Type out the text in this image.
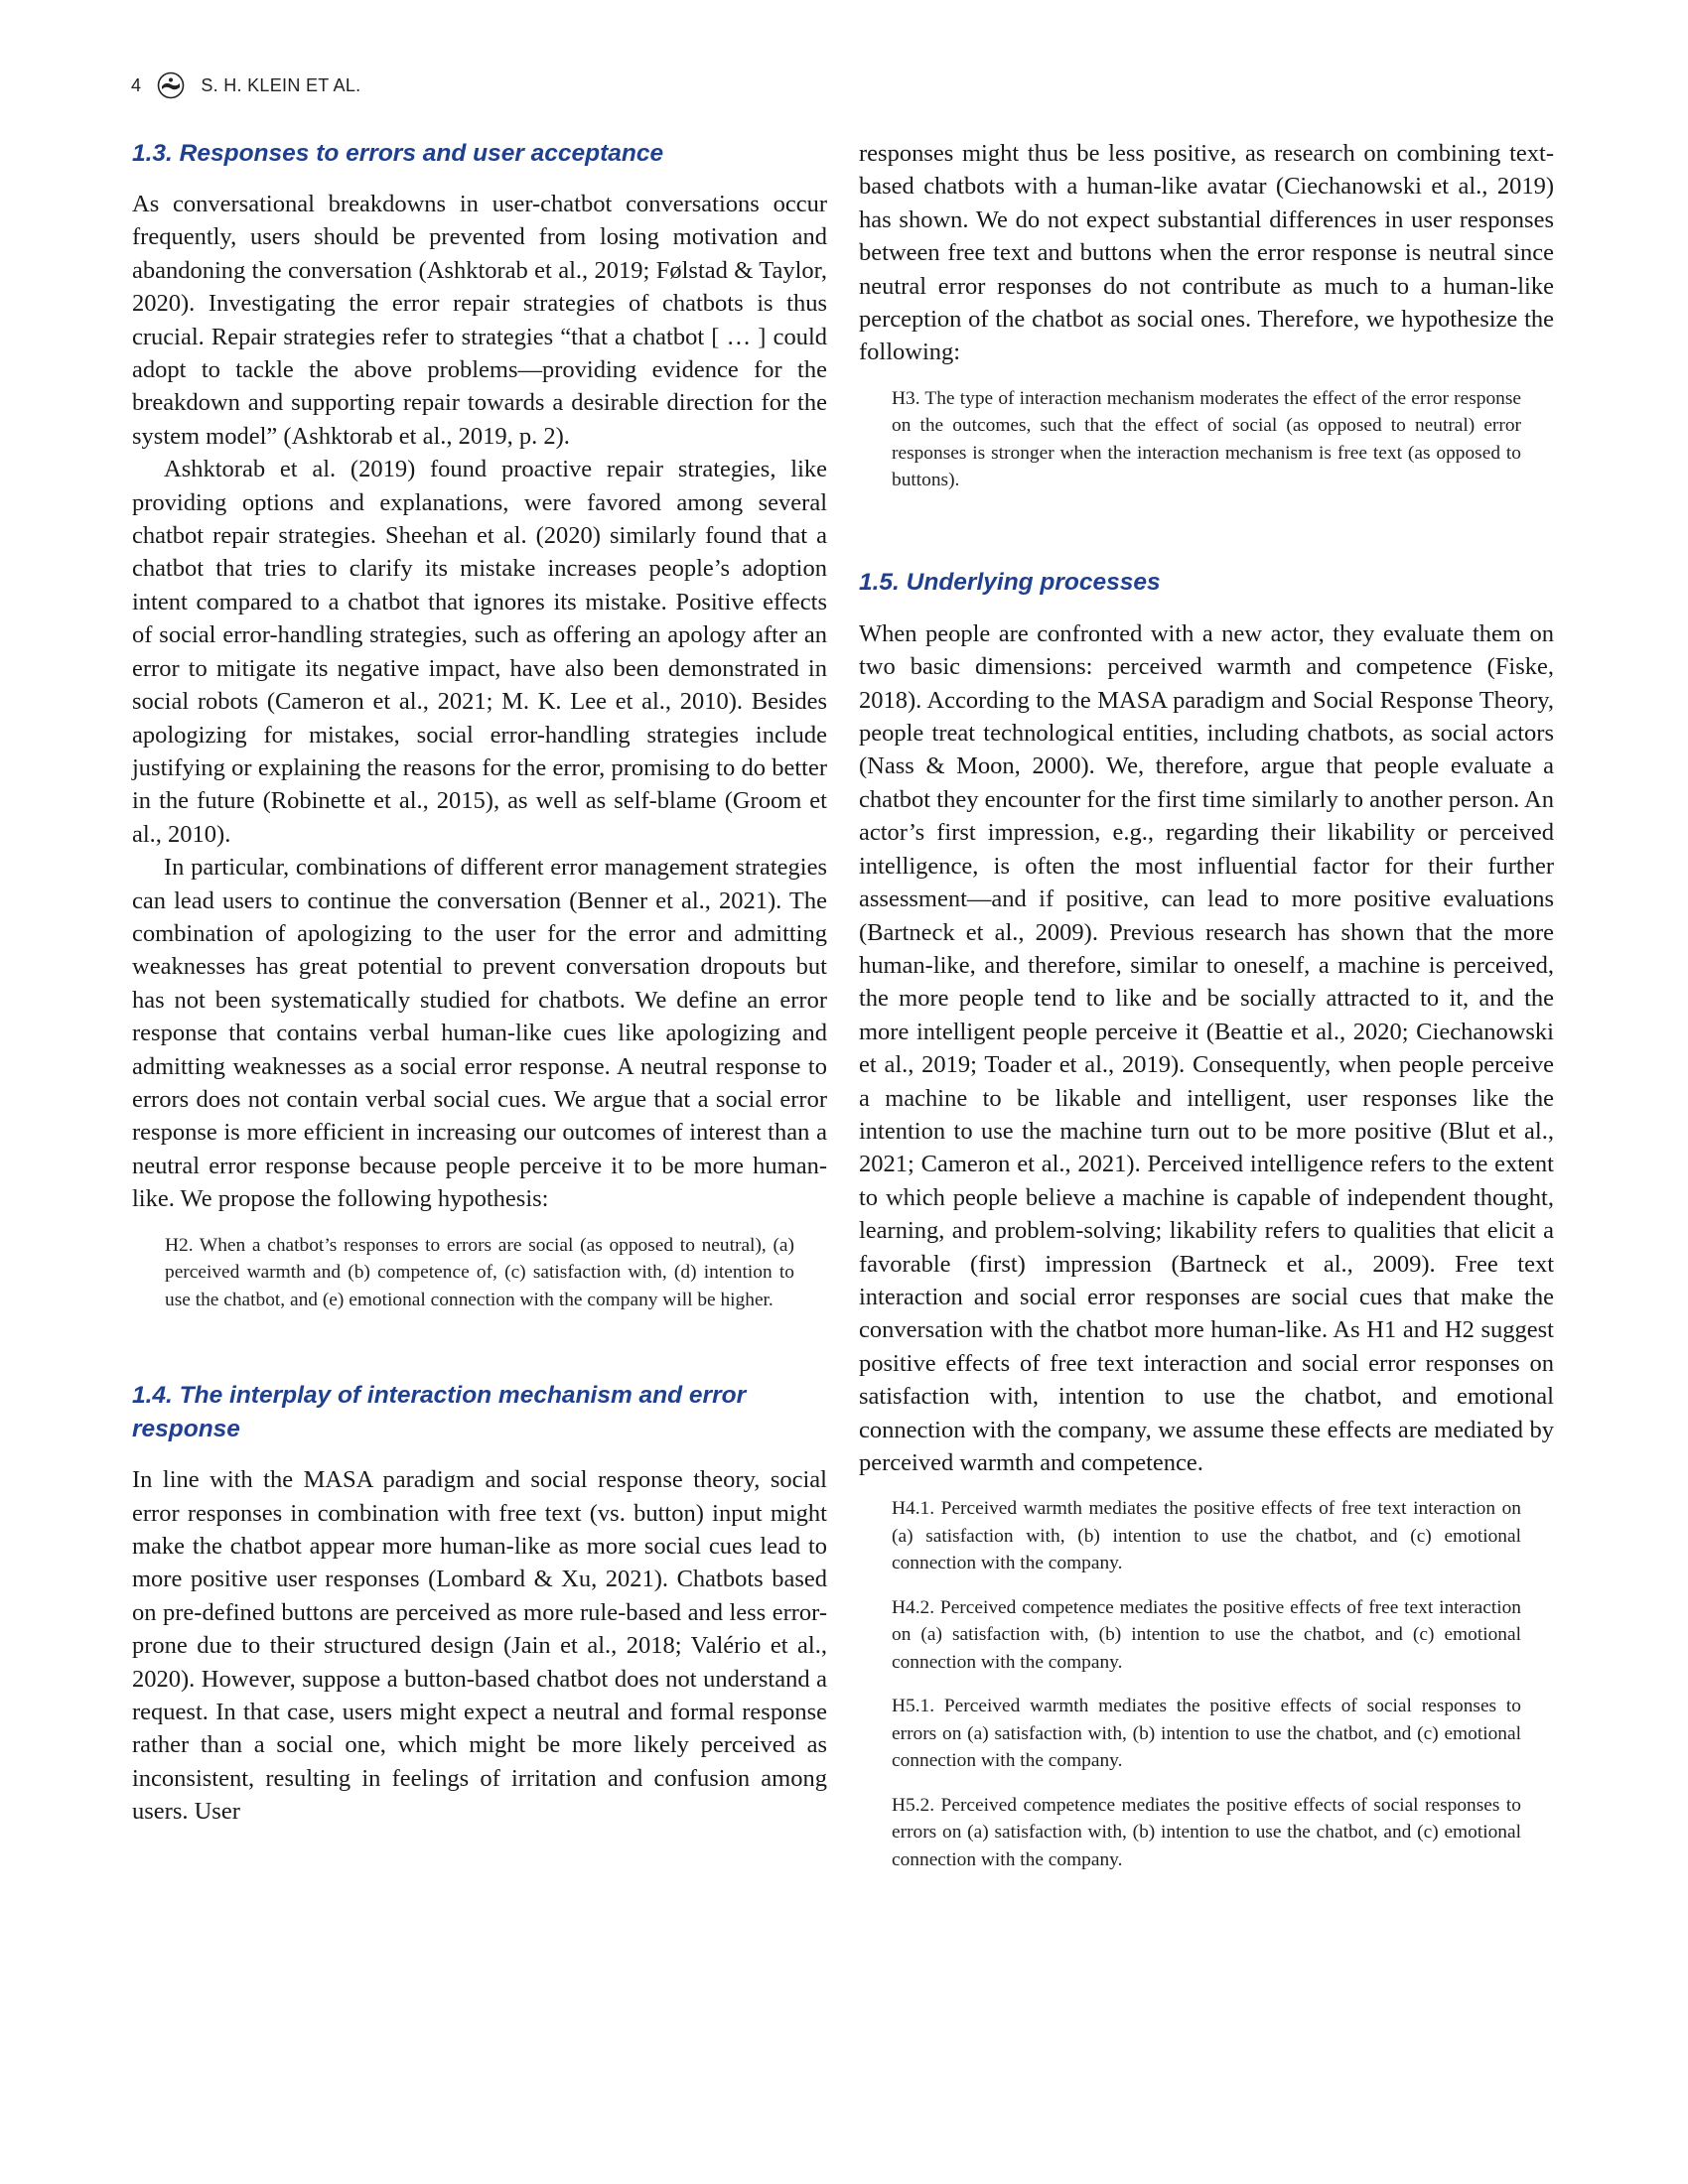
4	S. H. KLEIN ET AL.
1.3. Responses to errors and user acceptance

As conversational breakdowns in user-chatbot conversations occur frequently, users should be prevented from losing motivation and abandoning the conversation (Ashktorab et al., 2019; Følstad & Taylor, 2020). Investigating the error repair strategies of chatbots is thus crucial. Repair strategies refer to strategies “that a chatbot [ … ] could adopt to tackle the above problems—providing evidence for the breakdown and supporting repair towards a desirable direction for the system model” (Ashktorab et al., 2019, p. 2).

Ashktorab et al. (2019) found proactive repair strategies, like providing options and explanations, were favored among several chatbot repair strategies. Sheehan et al. (2020) similarly found that a chatbot that tries to clarify its mistake increases people’s adoption intent compared to a chatbot that ignores its mistake. Positive effects of social error-handling strategies, such as offering an apology after an error to mitigate its negative impact, have also been demonstrated in social robots (Cameron et al., 2021; M. K. Lee et al., 2010). Besides apologizing for mistakes, social error-handling strategies include justifying or explaining the reasons for the error, promising to do better in the future (Robinette et al., 2015), as well as self-blame (Groom et al., 2010).

In particular, combinations of different error management strategies can lead users to continue the conversation (Benner et al., 2021). The combination of apologizing to the user for the error and admitting weaknesses has great potential to prevent conversation dropouts but has not been systematically studied for chatbots. We define an error response that contains verbal human-like cues like apologizing and admitting weaknesses as a social error response. A neutral response to errors does not contain verbal social cues. We argue that a social error response is more efficient in increasing our outcomes of interest than a neutral error response because people perceive it to be more human-like. We propose the following hypothesis:

H2. When a chatbot’s responses to errors are social (as opposed to neutral), (a) perceived warmth and (b) competence of, (c) satisfaction with, (d) intention to use the chatbot, and (e) emotional connection with the company will be higher.

1.4. The interplay of interaction mechanism and error response

In line with the MASA paradigm and social response theory, social error responses in combination with free text (vs. button) input might make the chatbot appear more human-like as more social cues lead to more positive user responses (Lombard & Xu, 2021). Chatbots based on pre-defined buttons are perceived as more rule-based and less error-prone due to their structured design (Jain et al., 2018; Valério et al., 2020). However, suppose a button-based chatbot does not understand a request. In that case, users might expect a neutral and formal response rather than a social one, which might be more likely perceived as inconsistent, resulting in feelings of irritation and confusion among users. User

responses might thus be less positive, as research on combining text-based chatbots with a human-like avatar (Ciechanowski et al., 2019) has shown. We do not expect substantial differences in user responses between free text and buttons when the error response is neutral since neutral error responses do not contribute as much to a human-like perception of the chatbot as social ones. Therefore, we hypothesize the following:

H3. The type of interaction mechanism moderates the effect of the error response on the outcomes, such that the effect of social (as opposed to neutral) error responses is stronger when the interaction mechanism is free text (as opposed to buttons).

1.5. Underlying processes

When people are confronted with a new actor, they evaluate them on two basic dimensions: perceived warmth and competence (Fiske, 2018). According to the MASA paradigm and Social Response Theory, people treat technological entities, including chatbots, as social actors (Nass & Moon, 2000). We, therefore, argue that people evaluate a chatbot they encounter for the first time similarly to another person. An actor’s first impression, e.g., regarding their likability or perceived intelligence, is often the most influential factor for their further assessment—and if positive, can lead to more positive evaluations (Bartneck et al., 2009). Previous research has shown that the more human-like, and therefore, similar to oneself, a machine is perceived, the more people tend to like and be socially attracted to it, and the more intelligent people perceive it (Beattie et al., 2020; Ciechanowski et al., 2019; Toader et al., 2019). Consequently, when people perceive a machine to be likable and intelligent, user responses like the intention to use the machine turn out to be more positive (Blut et al., 2021; Cameron et al., 2021). Perceived intelligence refers to the extent to which people believe a machine is capable of independent thought, learning, and problem-solving; likability refers to qualities that elicit a favorable (first) impression (Bartneck et al., 2009). Free text interaction and social error responses are social cues that make the conversation with the chatbot more human-like. As H1 and H2 suggest positive effects of free text interaction and social error responses on satisfaction with, intention to use the chatbot, and emotional connection with the company, we assume these effects are mediated by perceived warmth and competence.

H4.1. Perceived warmth mediates the positive effects of free text interaction on (a) satisfaction with, (b) intention to use the chatbot, and (c) emotional connection with the company.

H4.2. Perceived competence mediates the positive effects of free text interaction on (a) satisfaction with, (b) intention to use the chatbot, and (c) emotional connection with the company.

H5.1. Perceived warmth mediates the positive effects of social responses to errors on (a) satisfaction with, (b) intention to use the chatbot, and (c) emotional connection with the company.

H5.2. Perceived competence mediates the positive effects of social responses to errors on (a) satisfaction with, (b) intention to use the chatbot, and (c) emotional connection with the company.
